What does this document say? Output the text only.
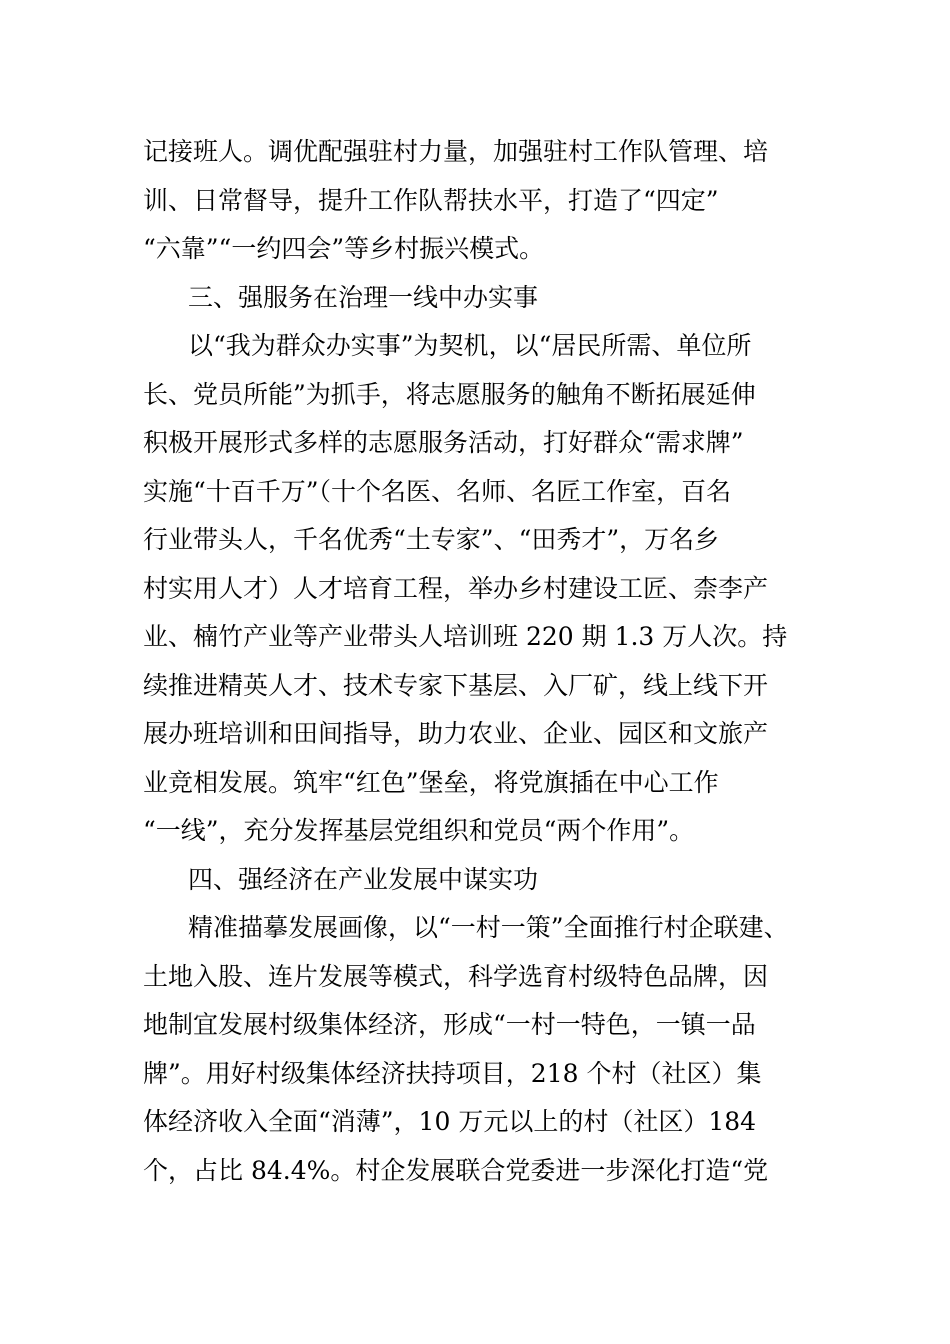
记接班人。调优配强驻村力量，加强驻村工作队管理、培
训、日常督导，提升工作队帮扶水平，打造了“四定”
“六靠”“一约四会”等乡村振兴模式。
三、强服务在治理一线中办实事
以“我为群众办实事”为契机，以“居民所需、单位所
长、党员所能”为抓手，将志愿服务的触角不断拓展延伸
积极开展形式多样的志愿服务活动，打好群众“需求牌”
实施“十百千万”（十个名医、名师、名匠工作室，百名
行业带头人，千名优秀“土专家”、“田秀才”，万名乡
村实用人才）人才培育工程，举办乡村建设工匠、柰李产
业、楠竹产业等产业带头人培训班 220 期 1.3 万人次。持
续推进精英人才、技术专家下基层、入厂矿，线上线下开
展办班培训和田间指导，助力农业、企业、园区和文旅产
业竞相发展。筑牢“红色”堡垒，将党旗插在中心工作
“一线”，充分发挥基层党组织和党员“两个作用”。
四、强经济在产业发展中谋实功
精准描摹发展画像，以“一村一策”全面推行村企联建、
土地入股、连片发展等模式，科学选育村级特色品牌，因
地制宜发展村级集体经济，形成“一村一特色，一镇一品
牌”。用好村级集体经济扶持项目，218 个村（社区）集
体经济收入全面“消薄”，10 万元以上的村（社区）184
个，占比 84.4%。村企发展联合党委进一步深化打造“党
